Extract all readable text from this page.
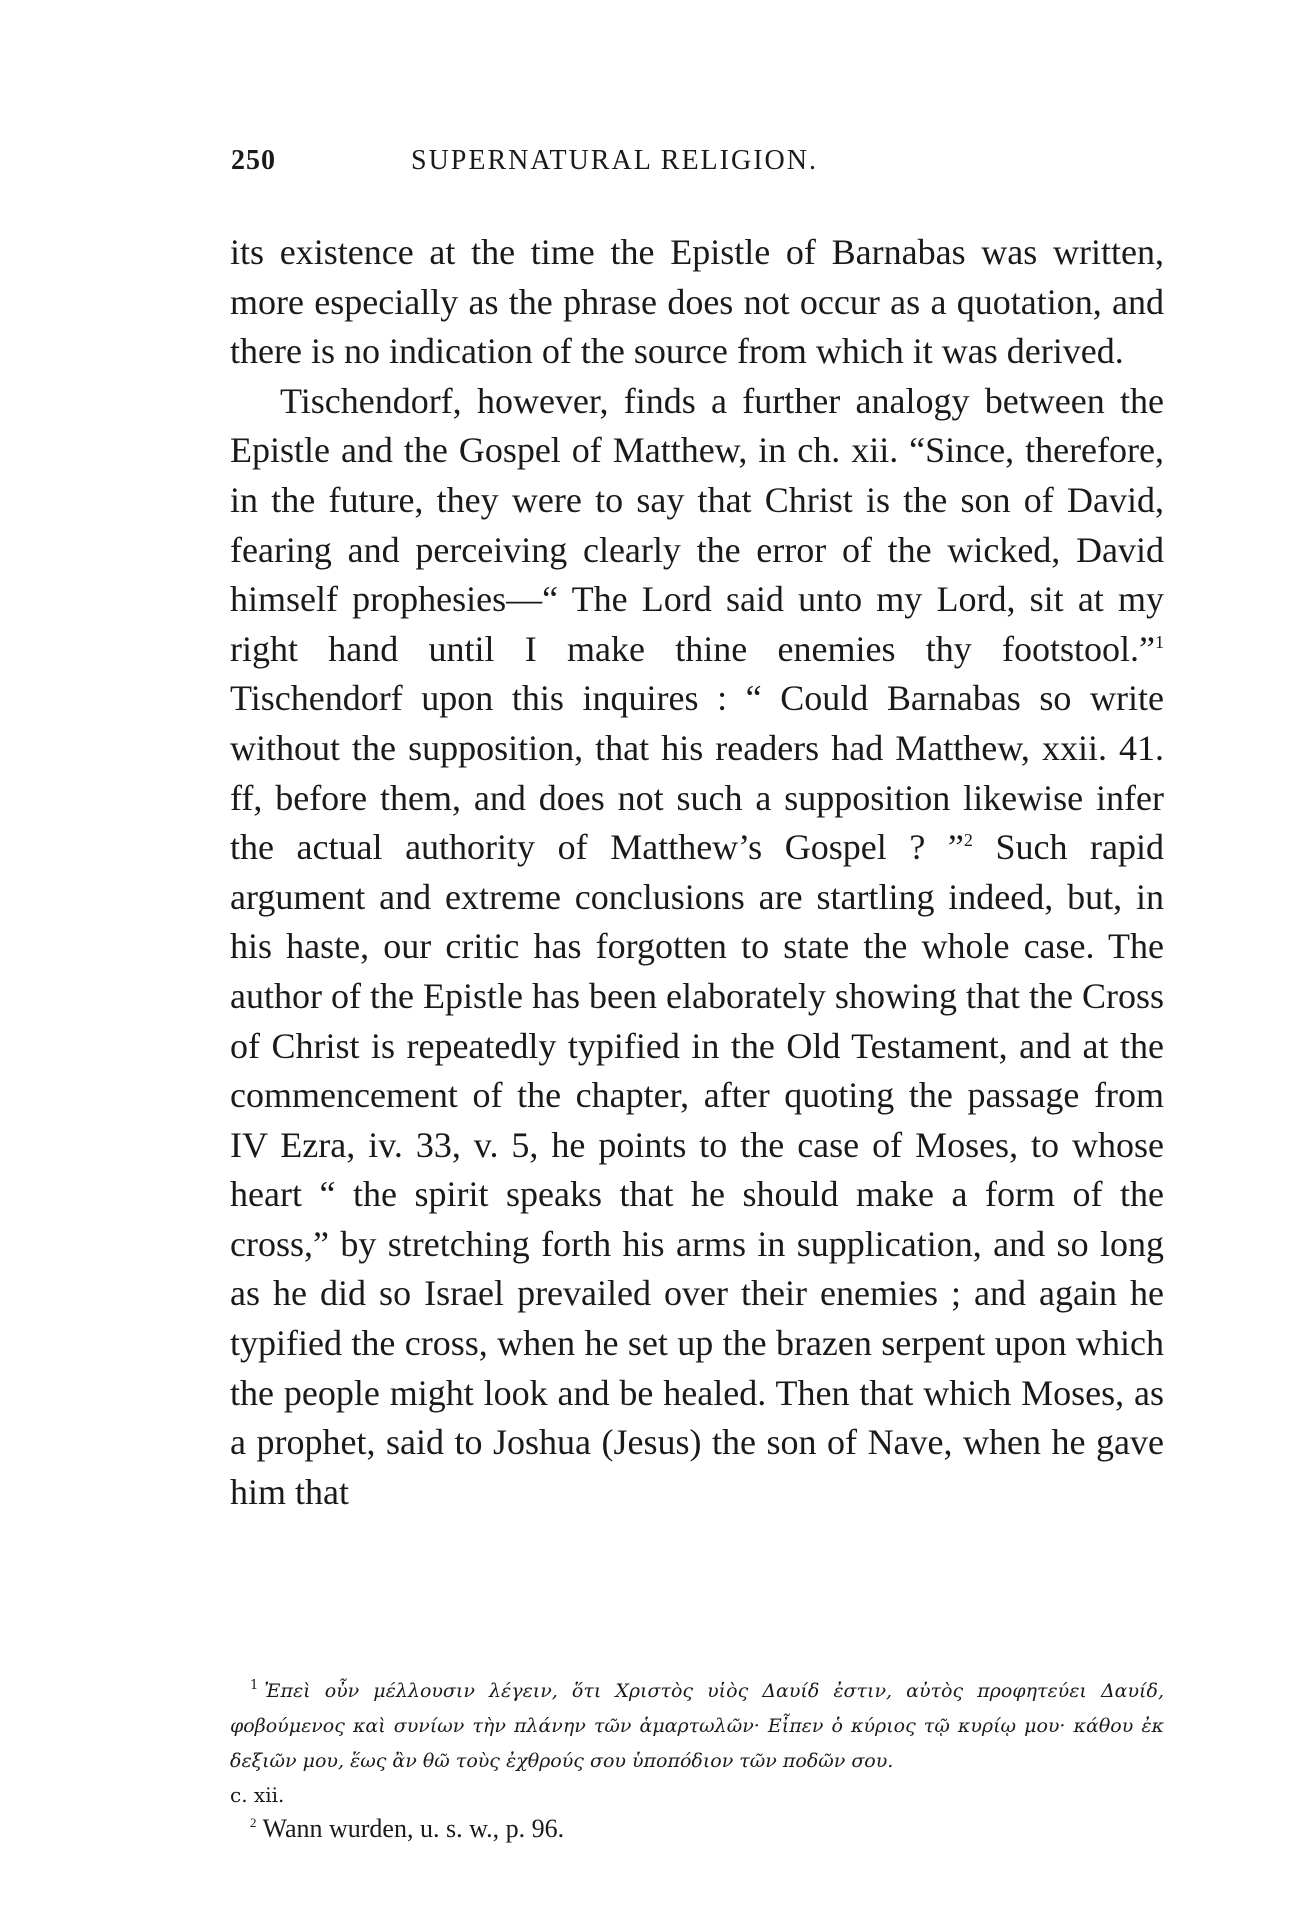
250	SUPERNATURAL RELIGION.

its existence at the time the Epistle of Barnabas was written, more especially as the phrase does not occur as a quotation, and there is no indication of the source from which it was derived.

Tischendorf, however, finds a further analogy between the Epistle and the Gospel of Matthew, in ch. xii. “Since, therefore, in the future, they were to say that Christ is the son of David, fearing and perceiving clearly the error of the wicked, David himself prophesies—“ The Lord said unto my Lord, sit at my right hand until I make thine enemies thy footstool.”$^1$ Tischendorf upon this inquires : “ Could Barnabas so write without the supposition, that his readers had Matthew, xxii. 41. ff, before them, and does not such a supposition likewise infer the actual authority of Matthew’s Gospel ? ”$^2$ Such rapid argument and extreme conclusions are startling indeed, but, in his haste, our critic has forgotten to state the whole case. The author of the Epistle has been elaborately showing that the Cross of Christ is repeatedly typified in the Old Testament, and at the commencement of the chapter, after quoting the passage from IV Ezra, iv. 33, v. 5, he points to the case of Moses, to whose heart “ the spirit speaks that he should make a form of the cross,” by stretching forth his arms in supplication, and so long as he did so Israel prevailed over their enemies ; and again he typified the cross, when he set up the brazen serpent upon which the people might look and be healed. Then that which Moses, as a prophet, said to Joshua (Jesus) the son of Nave, when he gave him that

$^1$ Ἐπεὶ οὖν μέλλουσιν λέγειν, ὅτι Χριστὸς υἱὸς Δαυίδ ἐστιν, αὐτὸς προφητεύει Δαυίδ, φοβούμενος καὶ συνίων τὴν πλάνην τῶν ἁμαρτωλῶν· Εἶπεν ὁ κύριος τῷ κυρίῳ μου· κάθου ἐκ δεξιῶν μου, ἕως ἂν θῶ τοὺς ἐχθρούς σου ὑποπόδιον τῶν ποδῶν σου.
c. xii.

$^2$ Wann wurden, u. s. w., p. 96.
